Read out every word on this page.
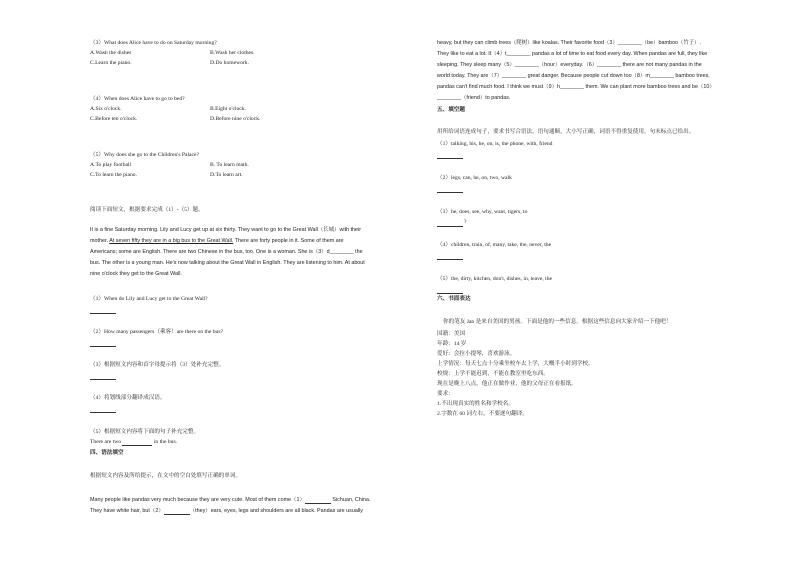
（3）What does Alice have to do on Saturday morning?
A.Wash the dishes	B.Wash her clothes.
C.Learn the piano.	D.Do homework.
（4）When does Alice have to go to bed?
A.Six o'clock.	B.Eight o'clock.
C.Before ten o'clock.	D.Before nine o'clock.
（5）Why does she go to the Children's Palace?
A.To play football	B. To learn math.
C.To learn the piano.	D.To learn art.
阅读下面短文，根据要求完成（1）-（5）题。
It is a fine Saturday morning. Lily and Lucy get up at six thirty. They want to go to the Great Wall（长城）with their
mother. At seven fifty they are in a big bus to the Great Wall. There are forty people in it. Some of them are
Americans; some are English. There are two Chinese in the bus, too. One is a woman. She is（3）d________ the
bus. The other is a young man. He's now talking about the Great Wall in English. They are listening to him. At about
nine o'clock they get to the Great Wall.
（1）When do Lily and Lucy get to the Great Wall?
（2）How many passengers（乘客）are there on the bus?
（3）根据短文内容和首字母提示将（3）处补充完整。
（4）将划线部分翻译成汉语。
（5）根据短文内容将下面的句子补充完整。
There are two	in the bus.
四、语法填空
根据短文内容及所给提示，在文中的空白处填写正确的单词。
Many people like pandas very much because they are very cute. Most of them come（1）	Sichuan, China.
They have white hair, but（2）	（they）ears, eyes, legs and shoulders are all black. Pandas are usually
heavy, but they can climb trees（爬树）like koalas. Their favorite food（3）________（be）bamboo（竹子）.
They like to eat a lot. It（4）t________ pandas a lot of time to eat food every day. When pandas are full, they like
sleeping. They sleep many（5）________（hour）everyday.（6）________ there are not many pandas in the
world today. They are（7）________ great danger. Because people cut down too（8）m________ bamboo trees,
pandas can't find much food. I think we must（9）h________ them. We can plant more bamboo trees and be（10）
________（friend）to pandas.
五、填空题
用所给词语连成句子，要求书写合语法，语句通顺，大小写正确，词语不得重复使用。句末标点已给出。
（1）talking, his, he, on, is, the phone, with, friend
（2）legs, can, he, on, two, walk
（3）he, does, see, why, want, tigers, to
?
（4）children, train, of, many, take, the, never, the
（5）the, dirty, kitchen, don't, dishes, in, leave, the
六、书面表达
你的笔友 Jan 是来自美国的男孩。下面是他的一些信息。根据这些信息向大家介绍一下他吧！
国籍：美国
年龄：14 岁
爱好：会拉小提琴，喜欢游泳。
上学情况：每天七点十分乘坐校车去上学，大概半小时到学校。
校规：上学不能迟到，不能在教室里吃东西。
现在是晚上八点，他正在做作业，他的父母正在看报纸。
要求：
1.不出现真实的姓名和学校名。
2.字数在 60 词左右，不要逐句翻译。
